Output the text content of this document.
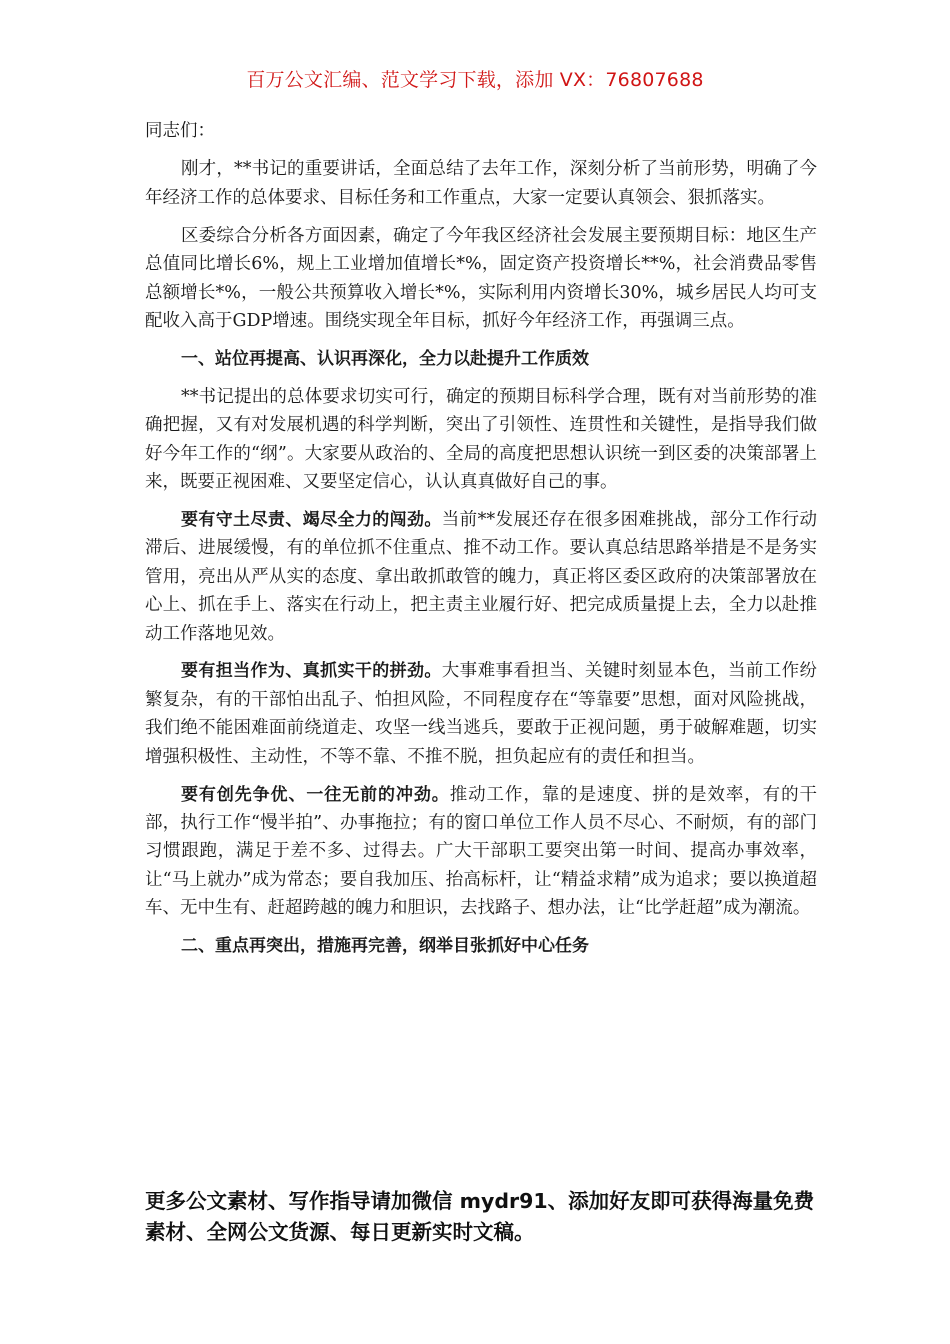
百万公文汇编、范文学习下载，添加 VX：76807688

同志们：

刚才，**书记的重要讲话，全面总结了去年工作，深刻分析了当前形势，明确了今年经济工作的总体要求、目标任务和工作重点，大家一定要认真领会、狠抓落实。

区委综合分析各方面因素，确定了今年我区经济社会发展主要预期目标：地区生产总值同比增长6%，规上工业增加值增长*%，固定资产投资增长**%，社会消费品零售总额增长*%，一般公共预算收入增长*%，实际利用内资增长30%，城乡居民人均可支配收入高于GDP增速。围绕实现全年目标，抓好今年经济工作，再强调三点。

一、站位再提高、认识再深化，全力以赴提升工作质效

**书记提出的总体要求切实可行，确定的预期目标科学合理，既有对当前形势的准确把握，又有对发展机遇的科学判断，突出了引领性、连贯性和关键性，是指导我们做好今年工作的“纲”。大家要从政治的、全局的高度把思想认识统一到区委的决策部署上来，既要正视困难、又要坚定信心，认认真真做好自己的事。

要有守土尽责、竭尽全力的闯劲。当前**发展还存在很多困难挑战，部分工作行动滞后、进展缓慢，有的单位抓不住重点、推不动工作。要认真总结思路举措是不是务实管用，亮出从严从实的态度、拿出敢抓敢管的魄力，真正将区委区政府的决策部署放在心上、抓在手上、落实在行动上，把主责主业履行好、把完成质量提上去，全力以赴推动工作落地见效。

要有担当作为、真抓实干的拼劲。大事难事看担当、关键时刻显本色，当前工作纷繁复杂，有的干部怕出乱子、怕担风险，不同程度存在“等靠要”思想，面对风险挑战，我们绝不能困难面前绕道走、攻坚一线当逃兵，要敢于正视问题，勇于破解难题，切实增强积极性、主动性，不等不靠、不推不脱，担负起应有的责任和担当。

要有创先争优、一往无前的冲劲。推动工作，靠的是速度、拼的是效率，有的干部，执行工作“慢半拍”、办事拖拉；有的窗口单位工作人员不尽心、不耐烦，有的部门习惯跟跑，满足于差不多、过得去。广大干部职工要突出第一时间、提高办事效率，让“马上就办”成为常态；要自我加压、抬高标杆，让“精益求精”成为追求；要以换道超车、无中生有、赶超跨越的魄力和胆识，去找路子、想办法，让“比学赶超”成为潮流。

二、重点再突出，措施再完善，纲举目张抓好中心任务

更多公文素材、写作指导请加微信 mydr91、添加好友即可获得海量免费素材、全网公文货源、每日更新实时文稿。
